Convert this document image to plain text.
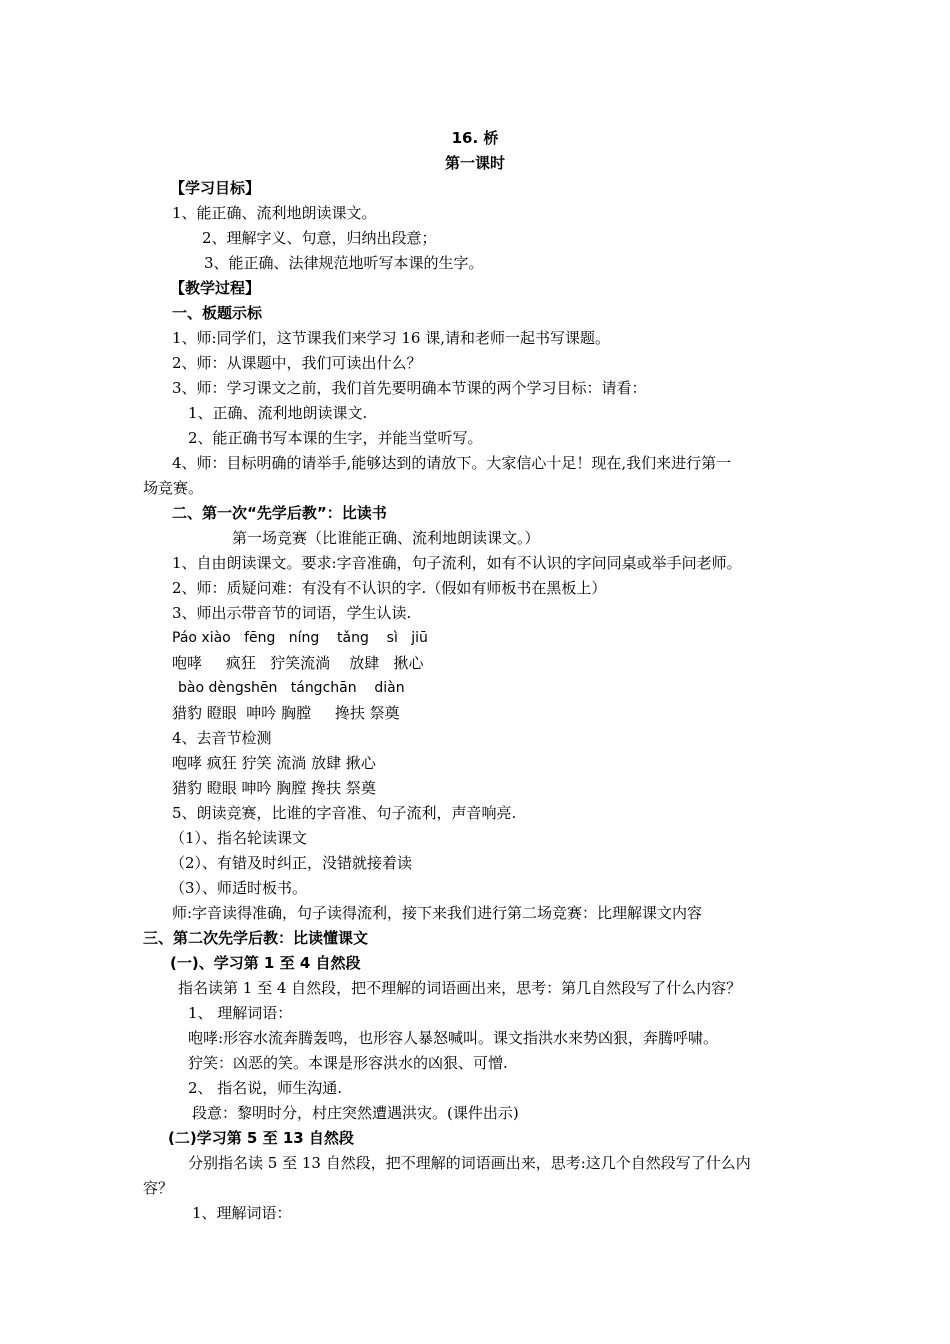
16. 桥
第一课时
【学习目标】
1、能正确、流利地朗读课文。
2、理解字义、句意，归纳出段意；
3、能正确、法律规范地听写本课的生字。
【教学过程】
一、板题示标
1、师:同学们，这节课我们来学习 16 课,请和老师一起书写课题。
2、师：从课题中，我们可读出什么？
3、师：学习课文之前，我们首先要明确本节课的两个学习目标：请看：
1、正确、流利地朗读课文.
2、能正确书写本课的生字，并能当堂听写。
4、师：目标明确的请举手,能够达到的请放下。大家信心十足！现在,我们来进行第一
场竞赛。
二、第一次“先学后教”：比读书
第一场竞赛（比谁能正确、流利地朗读课文。）
1、自由朗读课文。要求:字音准确，句子流利，如有不认识的字问同桌或举手问老师。
2、师：质疑问难：有没有不认识的字.（假如有师板书在黑板上）
3、师出示带音节的词语，学生认读.
Páo xiào   fēng   níng    tǎng    sì   jiū
咆哮     疯狂   狞笑流淌    放肆   揪心
bào dèngshēn   tángchān    diàn
猎豹 瞪眼  呻吟 胸膛     搀扶 祭奠
4、去音节检测
咆哮 疯狂 狞笑 流淌 放肆 揪心
猎豹 瞪眼 呻吟 胸膛 搀扶 祭奠
5、朗读竞赛，比谁的字音准、句子流利，声音响亮.
（1）、指名轮读课文
（2）、有错及时纠正，没错就接着读
（3）、师适时板书。
师:字音读得准确，句子读得流利，接下来我们进行第二场竞赛：比理解课文内容
三、第二次先学后教：比读懂课文
(一)、学习第 1 至 4 自然段
指名读第 1 至 4 自然段，把不理解的词语画出来，思考：第几自然段写了什么内容？
1、 理解词语：
咆哮:形容水流奔腾轰鸣，也形容人暴怒喊叫。课文指洪水来势凶狠，奔腾呼啸。
狞笑：凶恶的笑。本课是形容洪水的凶狠、可憎.
2、 指名说，师生沟通.
段意：黎明时分，村庄突然遭遇洪灾。(课件出示)
(二)学习第 5 至 13 自然段
分别指名读 5 至 13 自然段，把不理解的词语画出来，思考:这几个自然段写了什么内
容？
1、理解词语：
